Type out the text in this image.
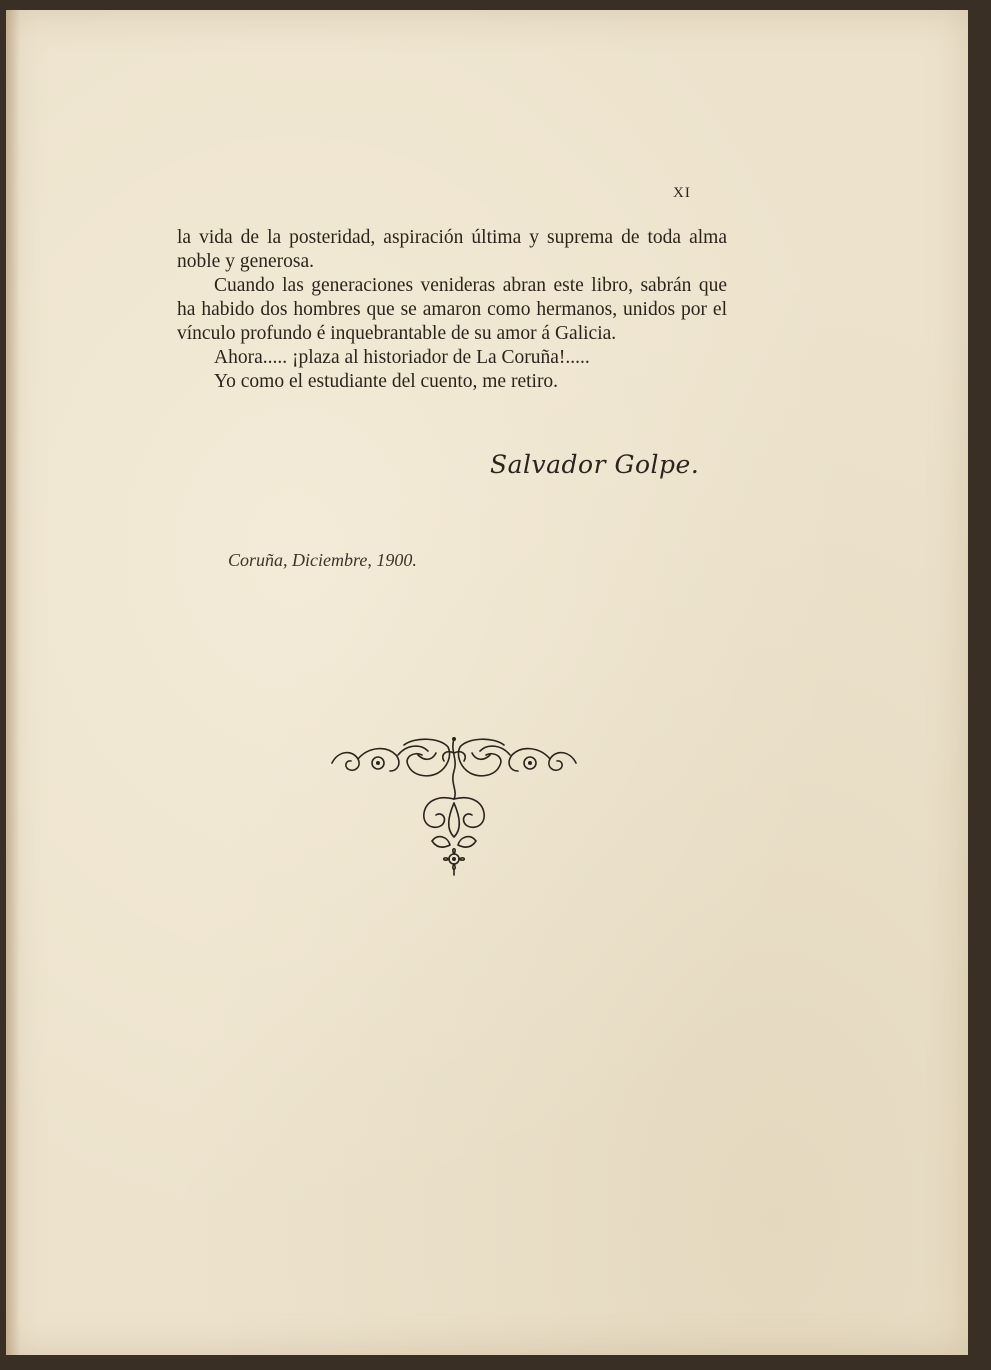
XI

la vida de la posteridad, aspiración última y suprema de toda alma noble y generosa.

Cuando las generaciones venideras abran este libro, sabrán que ha habido dos hombres que se amaron como hermanos, unidos por el vínculo profundo é inquebrantable de su amor á Galicia.

Ahora..... ¡plaza al historiador de La Coruña!.....

Yo como el estudiante del cuento, me retiro.

Salvador Golpe.
Coruña, Diciembre, 1900.
